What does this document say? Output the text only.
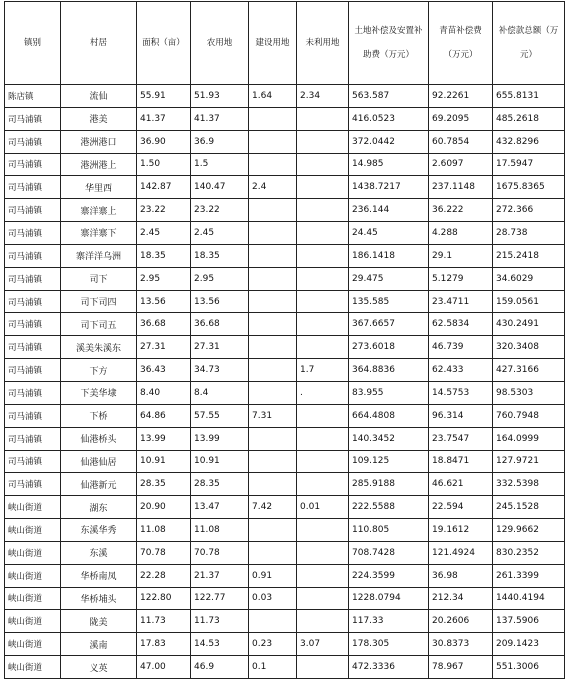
镇别	村居	面积（亩）	农用地	建设用地	未利用地	土地补偿及安置补助费（万元）	青苗补偿费（万元）	补偿款总额（万元）
陈店镇	流仙	55.91	51.93	1.64	2.34	563.587	92.2261	655.8131
司马浦镇	港美	41.37	41.37			416.0523	69.2095	485.2618
司马浦镇	港洲港口	36.90	36.9			372.0442	60.7854	432.8296
司马浦镇	港洲港上	1.50	1.5			14.985	2.6097	17.5947
司马浦镇	华里西	142.87	140.47	2.4		1438.7217	237.1148	1675.8365
司马浦镇	寨洋寨上	23.22	23.22			236.144	36.222	272.366
司马浦镇	寨洋寨下	2.45	2.45			24.45	4.288	28.738
司马浦镇	寨洋洋乌洲	18.35	18.35			186.1418	29.1	215.2418
司马浦镇	司下	2.95	2.95			29.475	5.1279	34.6029
司马浦镇	司下司四	13.56	13.56			135.585	23.4711	159.0561
司马浦镇	司下司五	36.68	36.68			367.6657	62.5834	430.2491
司马浦镇	溪美朱溪东	27.31	27.31			273.6018	46.739	320.3408
司马浦镇	下方	36.43	34.73		1.7	364.8836	62.433	427.3166
司马浦镇	下美华埭	8.40	8.4		.	83.955	14.5753	98.5303
司马浦镇	下桥	64.86	57.55	7.31		664.4808	96.314	760.7948
司马浦镇	仙港桥头	13.99	13.99			140.3452	23.7547	164.0999
司马浦镇	仙港仙居	10.91	10.91			109.125	18.8471	127.9721
司马浦镇	仙港新元	28.35	28.35			285.9188	46.621	332.5398
峡山街道	湖东	20.90	13.47	7.42	0.01	222.5588	22.594	245.1528
峡山街道	东溪华秀	11.08	11.08			110.805	19.1612	129.9662
峡山街道	东溪	70.78	70.78			708.7428	121.4924	830.2352
峡山街道	华桥南凤	22.28	21.37	0.91		224.3599	36.98	261.3399
峡山街道	华桥埔头	122.80	122.77	0.03		1228.0794	212.34	1440.4194
峡山街道	陇美	11.73	11.73			117.33	20.2606	137.5906
峡山街道	溪南	17.83	14.53	0.23	3.07	178.305	30.8373	209.1423
峡山街道	义英	47.00	46.9	0.1		472.3336	78.967	551.3006
